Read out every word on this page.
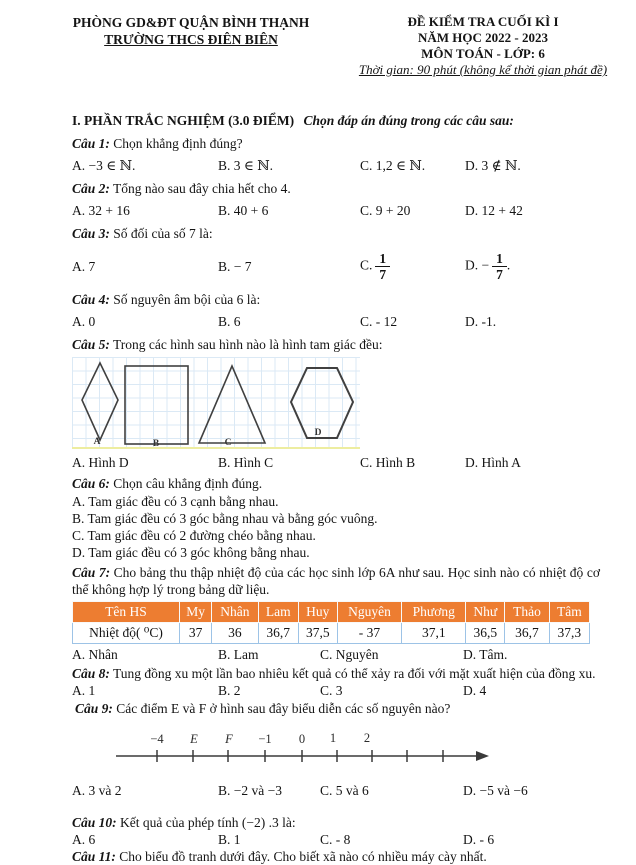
PHÒNG GD&ĐT QUẬN BÌNH THẠNH
TRƯỜNG THCS ĐIÊN BIÊN
ĐỀ KIỂM TRA CUỐI KÌ I
NĂM HỌC 2022 - 2023
MÔN TOÁN - LỚP: 6
Thời gian: 90 phút (không kể thời gian phát đề)
I. PHẦN TRẮC NGHIỆM (3.0 ĐIỂM) Chọn đáp án đúng trong các câu sau:
Câu 1: Chọn khẳng định đúng?
A. −3 ∈ ℕ.	B. 3 ∈ ℕ.	C. 1,2 ∈ ℕ.	D. 3 ∉ ℕ.
Câu 2: Tổng nào sau đây chia hết cho 4.
A. 32 + 16	B. 40 + 6	C. 9 + 20	D. 12 + 42
Câu 3: Số đối của số 7 là:
A. 7	B. − 7	C. $\frac{1}{7}$	D. − $\frac{1}{7}$ .
Câu 4: Số nguyên âm bội của 6 là:
A. 0	B. 6	C. - 12	D. -1.
Câu 5: Trong các hình sau hình nào là hình tam giác đều:
A	B	C
D
A. Hình D	B. Hình C	C. Hình B	D. Hình A
Câu 6: Chọn câu khẳng định đúng.
A. Tam giác đều có 3 cạnh bằng nhau.
B. Tam giác đều có 3 góc bằng nhau và bằng góc vuông.
C. Tam giác đều có 2 đường chéo bằng nhau.
D. Tam giác đều có 3 góc không bằng nhau.
Câu 7: Cho bảng thu thập nhiệt độ của các học sinh lớp 6A như sau. Học sinh nào có nhiệt độ cơ thể không hợp lý trong bảng dữ liệu.
Tên HS	My	Nhân	Lam	Huy	Nguyên	Phương	Như	Thảo	Tâm
Nhiệt độ( ⁰C)	37	36	36,7	37,5	- 37	37,1	36,5	36,7	37,3
A. Nhân	B. Lam	C. Nguyên	D. Tâm.
Câu 8: Tung đồng xu một lần bao nhiêu kết quả có thể xảy ra đối với mặt xuất hiện của đồng xu.
A. 1	B. 2	C. 3	D. 4
Câu 9: Các điểm E và F ở hình sau đây biểu diễn các số nguyên nào?
−4 E F −1 0 1 2
A. 3 và 2	B. −2 và −3	C. 5 và 6	D. −5 và −6
Câu 10: Kết quả của phép tính (−2) .3 là:
A. 6	B. 1	C. - 8	D. - 6
Câu 11: Cho biểu đồ tranh dưới đây. Cho biết xã nào có nhiều máy cày nhất.
